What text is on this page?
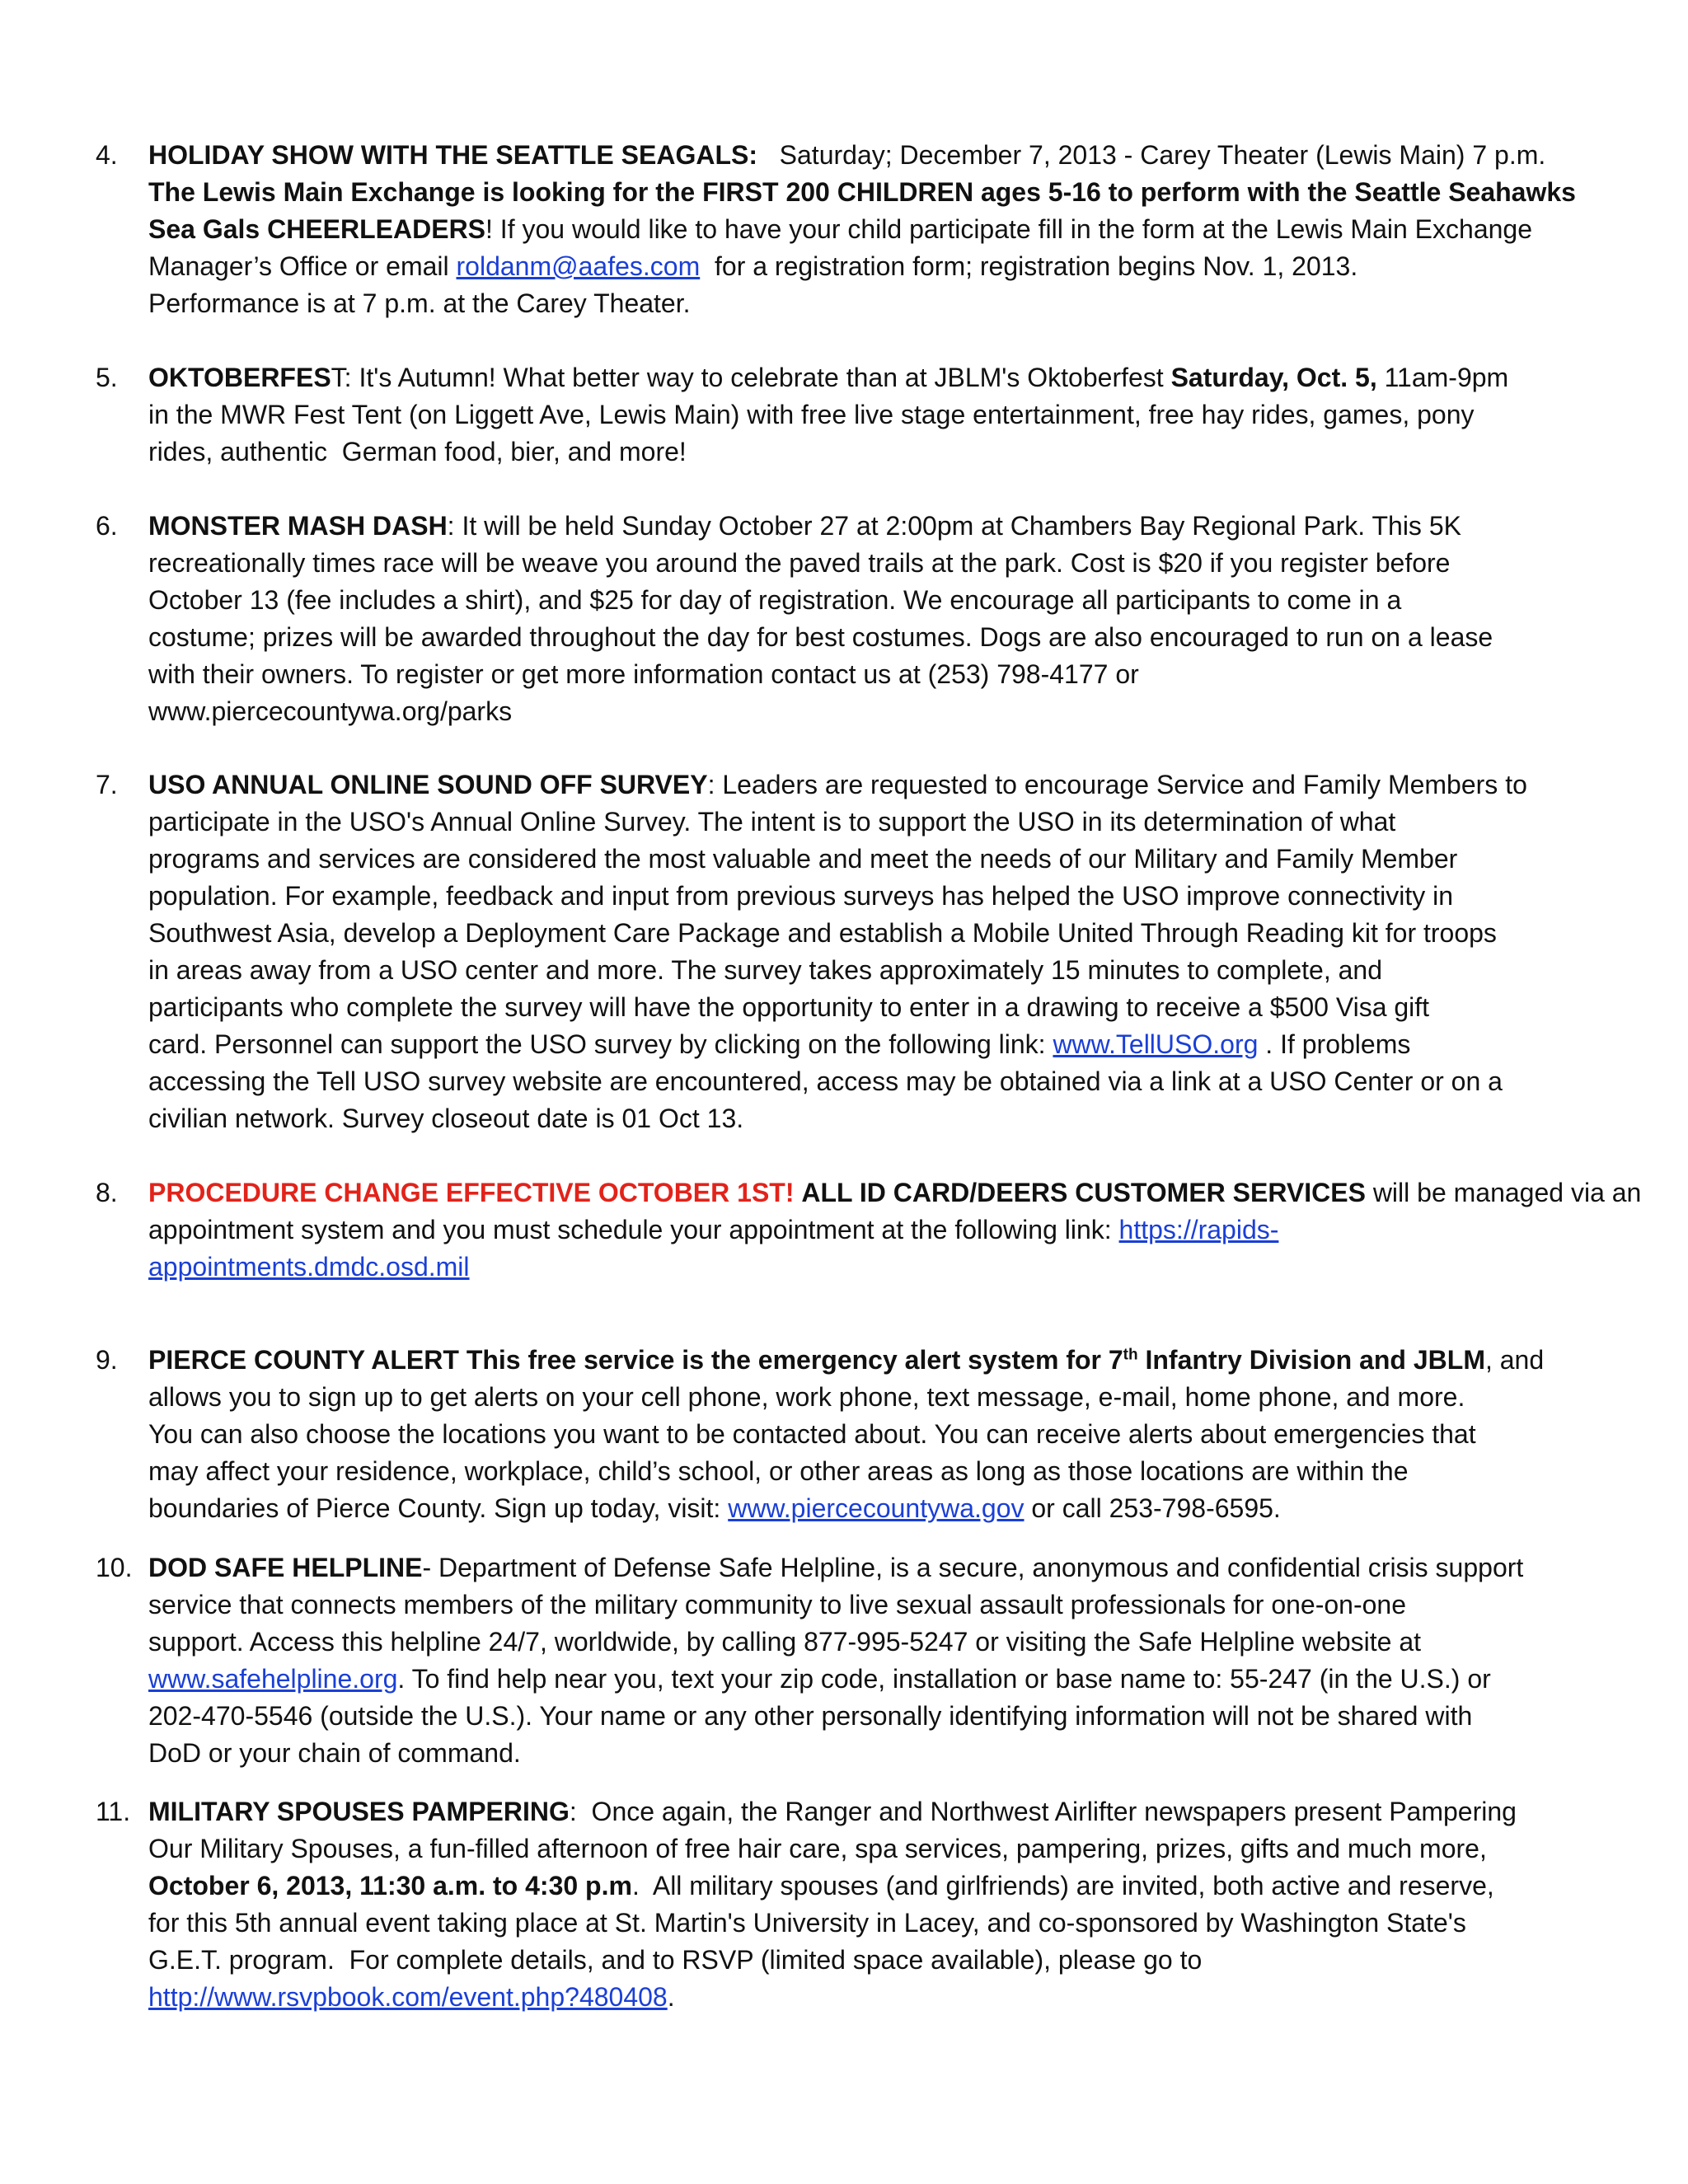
4.	HOLIDAY SHOW WITH THE SEATTLE SEAGALS:   Saturday; December 7, 2013 - Carey Theater (Lewis Main) 7 p.m.
The Lewis Main Exchange is looking for the FIRST 200 CHILDREN ages 5-16 to perform with the Seattle Seahawks
Sea Gals CHEERLEADERS! If you would like to have your child participate fill in the form at the Lewis Main Exchange
Manager’s Office or email roldanm@aafes.com  for a registration form; registration begins Nov. 1, 2013.
Performance is at 7 p.m. at the Carey Theater.
5.	OKTOBERFEST: It's Autumn! What better way to celebrate than at JBLM's Oktoberfest Saturday, Oct. 5, 11am-9pm
in the MWR Fest Tent (on Liggett Ave, Lewis Main) with free live stage entertainment, free hay rides, games, pony
rides, authentic  German food, bier, and more!
6.	MONSTER MASH DASH: It will be held Sunday October 27 at 2:00pm at Chambers Bay Regional Park. This 5K
recreationally times race will be weave you around the paved trails at the park. Cost is $20 if you register before
October 13 (fee includes a shirt), and $25 for day of registration. We encourage all participants to come in a
costume; prizes will be awarded throughout the day for best costumes. Dogs are also encouraged to run on a lease
with their owners. To register or get more information contact us at (253) 798-4177 or
www.piercecountywa.org/parks
7.	USO ANNUAL ONLINE SOUND OFF SURVEY: Leaders are requested to encourage Service and Family Members to
participate in the USO's Annual Online Survey. The intent is to support the USO in its determination of what
programs and services are considered the most valuable and meet the needs of our Military and Family Member
population. For example, feedback and input from previous surveys has helped the USO improve connectivity in
Southwest Asia, develop a Deployment Care Package and establish a Mobile United Through Reading kit for troops
in areas away from a USO center and more. The survey takes approximately 15 minutes to complete, and
participants who complete the survey will have the opportunity to enter in a drawing to receive a $500 Visa gift
card. Personnel can support the USO survey by clicking on the following link: www.TellUSO.org . If problems
accessing the Tell USO survey website are encountered, access may be obtained via a link at a USO Center or on a
civilian network. Survey closeout date is 01 Oct 13.
8.	PROCEDURE CHANGE EFFECTIVE OCTOBER 1ST! ALL ID CARD/DEERS CUSTOMER SERVICES will be managed via an
appointment system and you must schedule your appointment at the following link: https://rapids-
appointments.dmdc.osd.mil
9.	PIERCE COUNTY ALERT This free service is the emergency alert system for 7th Infantry Division and JBLM, and
allows you to sign up to get alerts on your cell phone, work phone, text message, e-mail, home phone, and more.
You can also choose the locations you want to be contacted about. You can receive alerts about emergencies that
may affect your residence, workplace, child’s school, or other areas as long as those locations are within the
boundaries of Pierce County. Sign up today, visit: www.piercecountywa.gov or call 253-798-6595.
10. DOD SAFE HELPLINE- Department of Defense Safe Helpline, is a secure, anonymous and confidential crisis support
service that connects members of the military community to live sexual assault professionals for one-on-one
support. Access this helpline 24/7, worldwide, by calling 877-995-5247 or visiting the Safe Helpline website at
www.safehelpline.org. To find help near you, text your zip code, installation or base name to: 55-247 (in the U.S.) or
202-470-5546 (outside the U.S.). Your name or any other personally identifying information will not be shared with
DoD or your chain of command.
11. MILITARY SPOUSES PAMPERING:  Once again, the Ranger and Northwest Airlifter newspapers present Pampering
Our Military Spouses, a fun-filled afternoon of free hair care, spa services, pampering, prizes, gifts and much more,
October 6, 2013, 11:30 a.m. to 4:30 p.m.  All military spouses (and girlfriends) are invited, both active and reserve,
for this 5th annual event taking place at St. Martin's University in Lacey, and co-sponsored by Washington State's
G.E.T. program.  For complete details, and to RSVP (limited space available), please go to
http://www.rsvpbook.com/event.php?480408.
